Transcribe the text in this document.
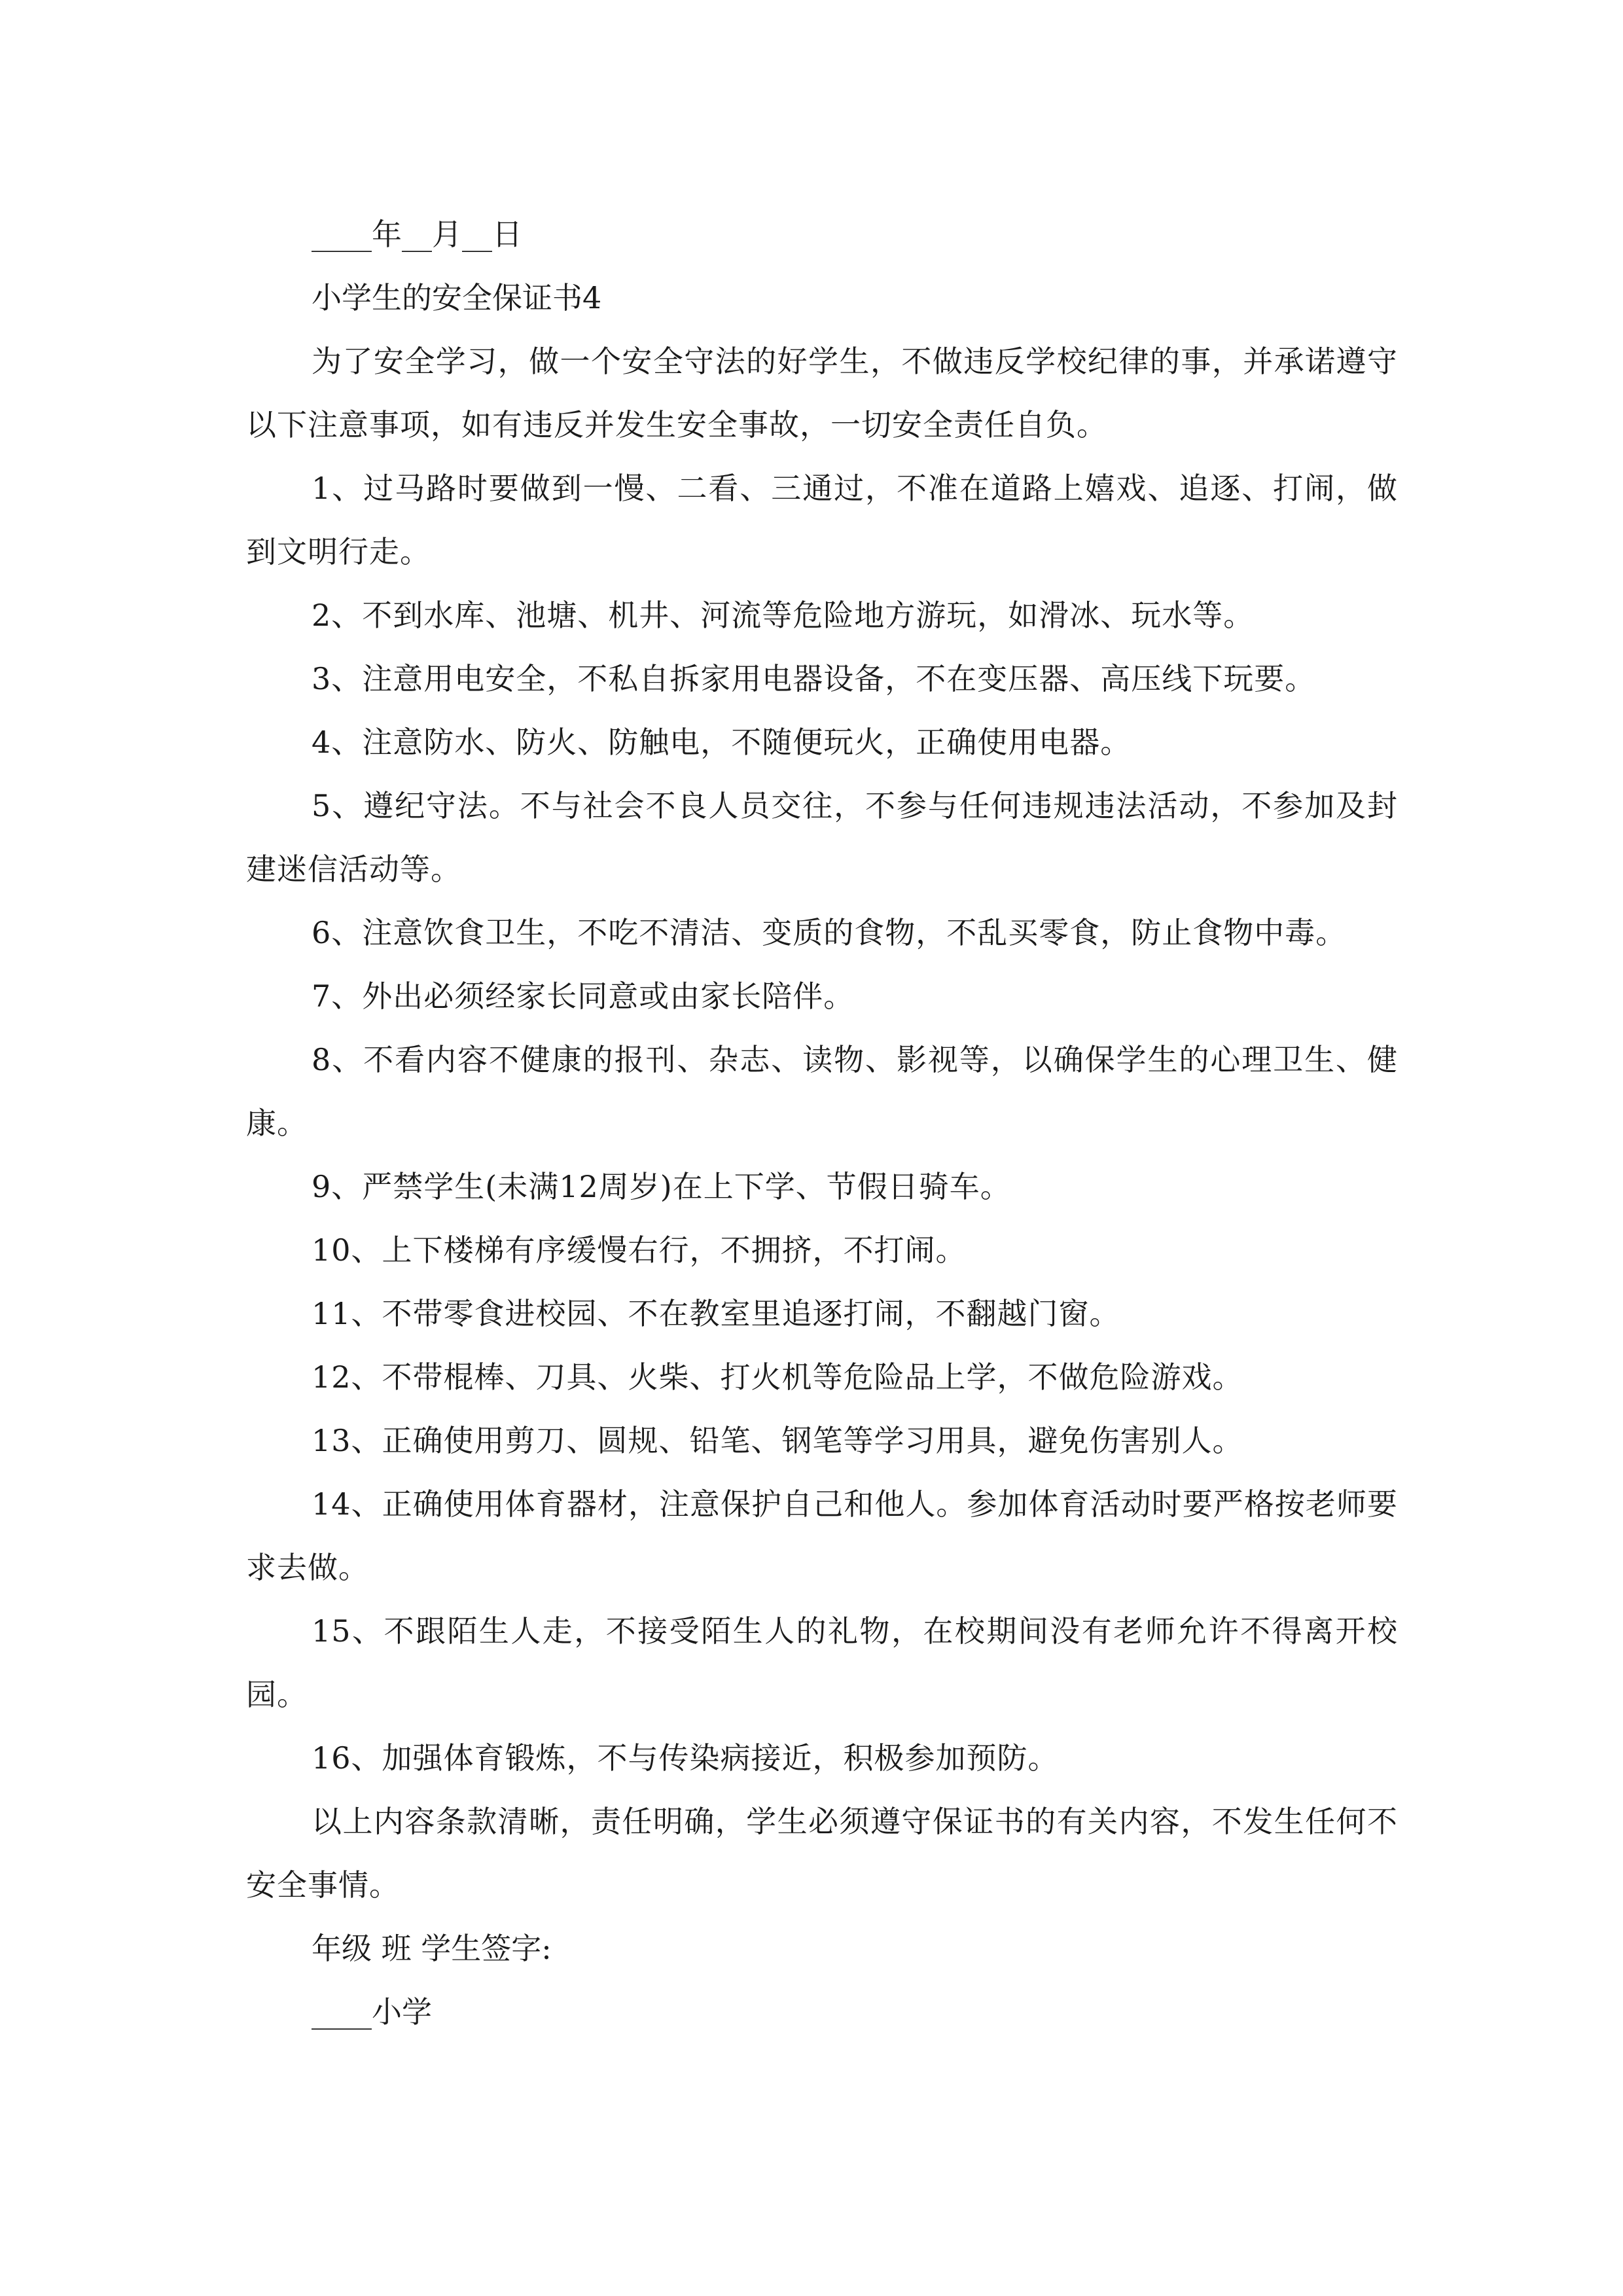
____年__月__日

小学生的安全保证书4

为了安全学习，做一个安全守法的好学生，不做违反学校纪律的事，并承诺遵守以下注意事项，如有违反并发生安全事故，一切安全责任自负。

1、过马路时要做到一慢、二看、三通过，不准在道路上嬉戏、追逐、打闹，做到文明行走。

2、不到水库、池塘、机井、河流等危险地方游玩，如滑冰、玩水等。

3、注意用电安全，不私自拆家用电器设备，不在变压器、高压线下玩要。

4、注意防水、防火、防触电，不随便玩火，正确使用电器。

5、遵纪守法。不与社会不良人员交往，不参与任何违规违法活动，不参加及封建迷信活动等。

6、注意饮食卫生，不吃不清洁、变质的食物，不乱买零食，防止食物中毒。

7、外出必须经家长同意或由家长陪伴。

8、不看内容不健康的报刊、杂志、读物、影视等，以确保学生的心理卫生、健康。

9、严禁学生(未满12周岁)在上下学、节假日骑车。

10、上下楼梯有序缓慢右行，不拥挤，不打闹。

11、不带零食进校园、不在教室里追逐打闹，不翻越门窗。

12、不带棍棒、刀具、火柴、打火机等危险品上学，不做危险游戏。

13、正确使用剪刀、圆规、铅笔、钢笔等学习用具，避免伤害别人。

14、正确使用体育器材，注意保护自己和他人。参加体育活动时要严格按老师要求去做。

15、不跟陌生人走，不接受陌生人的礼物，在校期间没有老师允许不得离开校园。

16、加强体育锻炼，不与传染病接近，积极参加预防。

以上内容条款清晰，责任明确，学生必须遵守保证书的有关内容，不发生任何不安全事情。

年级 班 学生签字:

____小学
